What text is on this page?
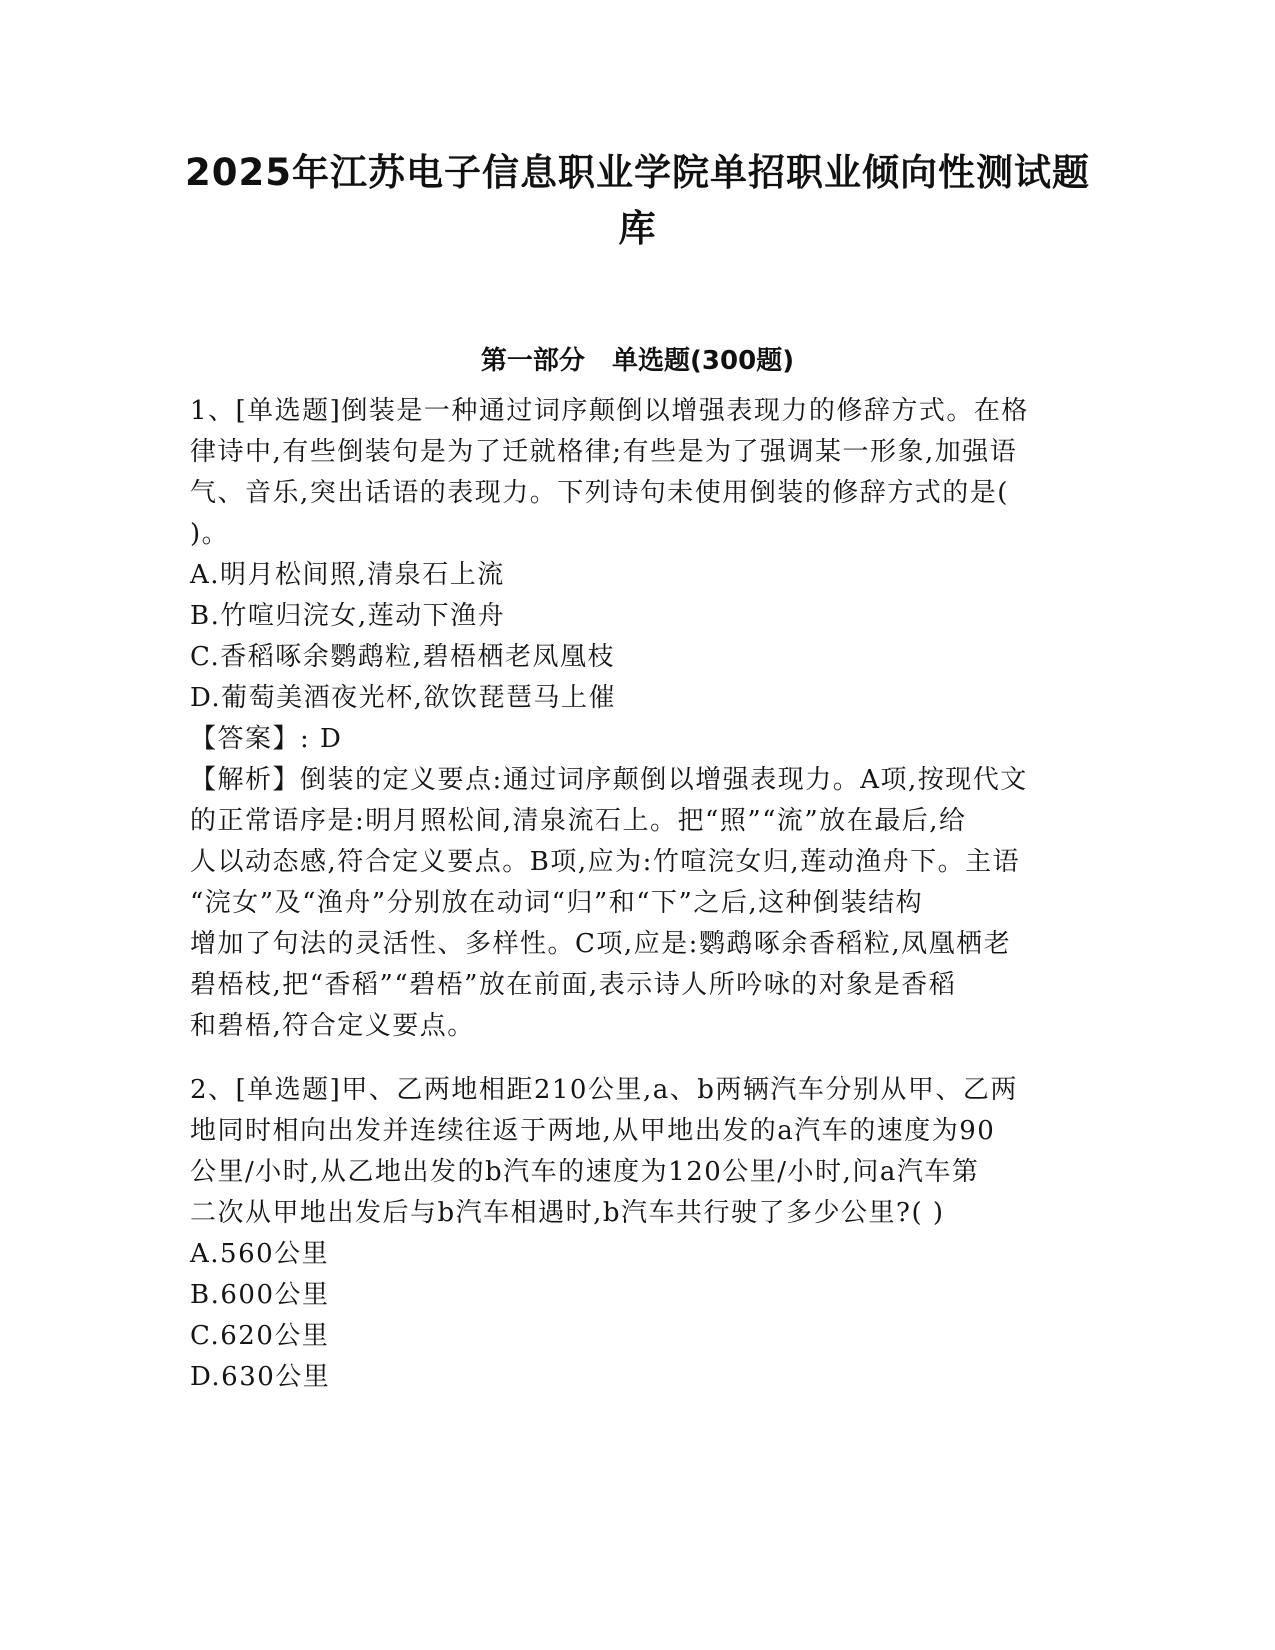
2025年江苏电子信息职业学院单招职业倾向性测试题
库
第一部分   单选题(300题)
1、[单选题]倒装是一种通过词序颠倒以增强表现力的修辞方式。在格
律诗中,有些倒装句是为了迁就格律;有些是为了强调某一形象,加强语
气、音乐,突出话语的表现力。下列诗句未使用倒装的修辞方式的是(
)。
A.明月松间照,清泉石上流
B.竹喧归浣女,莲动下渔舟
C.香稻啄余鹦鹉粒,碧梧栖老凤凰枝
D.葡萄美酒夜光杯,欲饮琵琶马上催
【答案】: D
【解析】倒装的定义要点:通过词序颠倒以增强表现力。A项,按现代文
的正常语序是:明月照松间,清泉流石上。把“照”“流”放在最后,给
人以动态感,符合定义要点。B项,应为:竹喧浣女归,莲动渔舟下。主语
“浣女”及“渔舟”分别放在动词“归”和“下”之后,这种倒装结构
增加了句法的灵活性、多样性。C项,应是:鹦鹉啄余香稻粒,凤凰栖老
碧梧枝,把“香稻”“碧梧”放在前面,表示诗人所吟咏的对象是香稻
和碧梧,符合定义要点。
2、[单选题]甲、乙两地相距210公里,a、b两辆汽车分别从甲、乙两
地同时相向出发并连续往返于两地,从甲地出发的a汽车的速度为90
公里/小时,从乙地出发的b汽车的速度为120公里/小时,问a汽车第
二次从甲地出发后与b汽车相遇时,b汽车共行驶了多少公里?( )
A.560公里
B.600公里
C.620公里
D.630公里
